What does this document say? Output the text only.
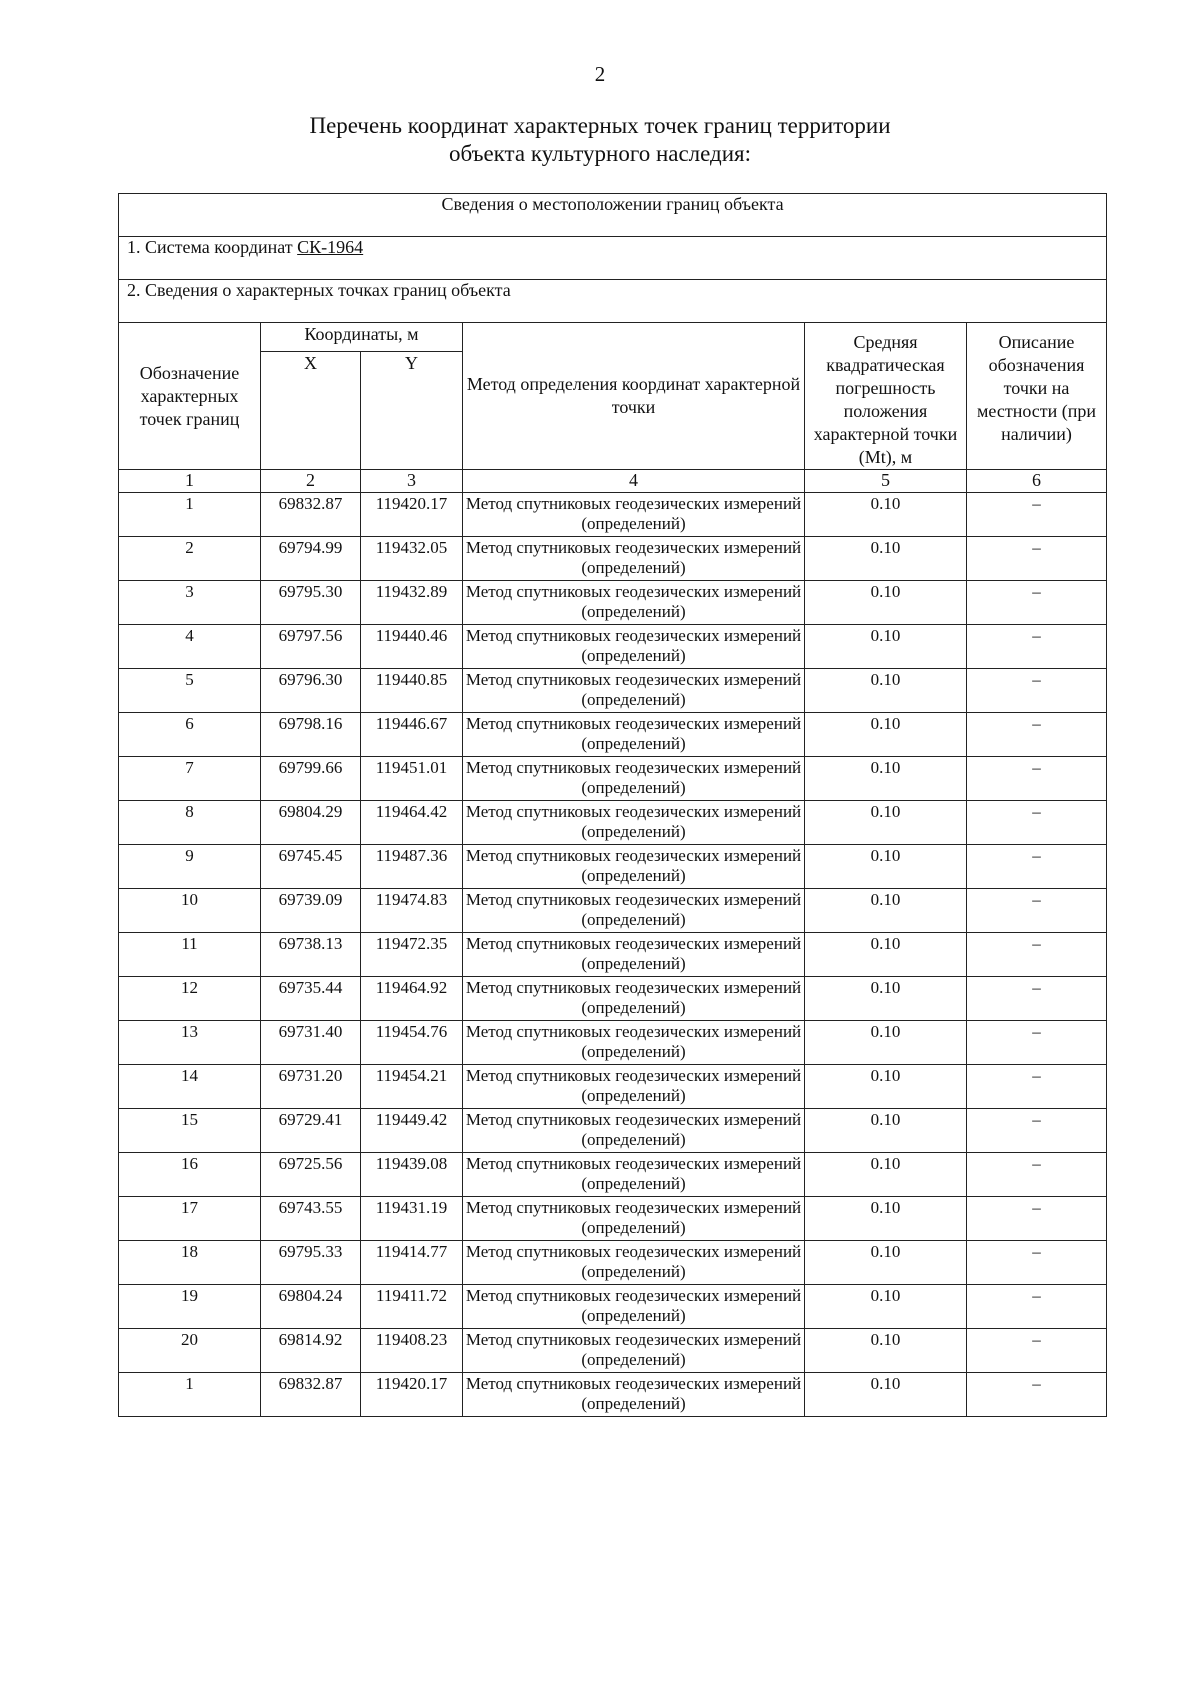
2
Перечень координат характерных точек границ территории
объекта культурного наследия:
Сведения о местоположении границ объекта					
1. Система координат СК-1964					
2. Сведения о характерных точках границ объекта					
Обозначение характерных точек границ	Координаты, м		Метод определения координат характерной точки	Средняя квадратическая погрешность положения характерной точки (Mt), м	Описание обозначения точки на местности (при наличии)
	X	Y			
1	2	3	4	5	6
1	69832.87	119420.17	Метод спутниковых геодезических измерений (определений)	0.10	–
2	69794.99	119432.05	Метод спутниковых геодезических измерений (определений)	0.10	–
3	69795.30	119432.89	Метод спутниковых геодезических измерений (определений)	0.10	–
4	69797.56	119440.46	Метод спутниковых геодезических измерений (определений)	0.10	–
5	69796.30	119440.85	Метод спутниковых геодезических измерений (определений)	0.10	–
6	69798.16	119446.67	Метод спутниковых геодезических измерений (определений)	0.10	–
7	69799.66	119451.01	Метод спутниковых геодезических измерений (определений)	0.10	–
8	69804.29	119464.42	Метод спутниковых геодезических измерений (определений)	0.10	–
9	69745.45	119487.36	Метод спутниковых геодезических измерений (определений)	0.10	–
10	69739.09	119474.83	Метод спутниковых геодезических измерений (определений)	0.10	–
11	69738.13	119472.35	Метод спутниковых геодезических измерений (определений)	0.10	–
12	69735.44	119464.92	Метод спутниковых геодезических измерений (определений)	0.10	–
13	69731.40	119454.76	Метод спутниковых геодезических измерений (определений)	0.10	–
14	69731.20	119454.21	Метод спутниковых геодезических измерений (определений)	0.10	–
15	69729.41	119449.42	Метод спутниковых геодезических измерений (определений)	0.10	–
16	69725.56	119439.08	Метод спутниковых геодезических измерений (определений)	0.10	–
17	69743.55	119431.19	Метод спутниковых геодезических измерений (определений)	0.10	–
18	69795.33	119414.77	Метод спутниковых геодезических измерений (определений)	0.10	–
19	69804.24	119411.72	Метод спутниковых геодезических измерений (определений)	0.10	–
20	69814.92	119408.23	Метод спутниковых геодезических измерений (определений)	0.10	–
1	69832.87	119420.17	Метод спутниковых геодезических измерений (определений)	0.10	–
